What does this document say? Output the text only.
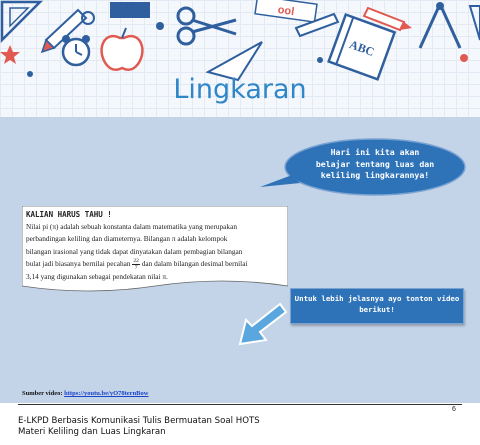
ool
ABC
Lingkaran
Hari ini kita akan
belajar tentang luas dan
keliling lingkarannya!
KALIAN HARUS TAHU !
Nilai pi (π) adalah sebuah konstanta dalam matematika yang merupakan
perbandingan keliling dan diameternya. Bilangan π adalah kelompok
bilangan irasional yang tidak dapat dinyatakan dalam pembagian bilangan
bulat jadi biasanya bernilai pecahan $\frac{22}{7}$ dan dalam bilangan desimal bernilai
3,14 yang digunakan sebagai pendekatan nilai π.
Untuk lebih jelasnya ayo tonton video
berikut!
Sumber video: https://youtu.be/yO78ternBow
6
E-LKPD Berbasis Komunikasi Tulis Bermuatan Soal HOTS
Materi Keliling dan Luas Lingkaran
